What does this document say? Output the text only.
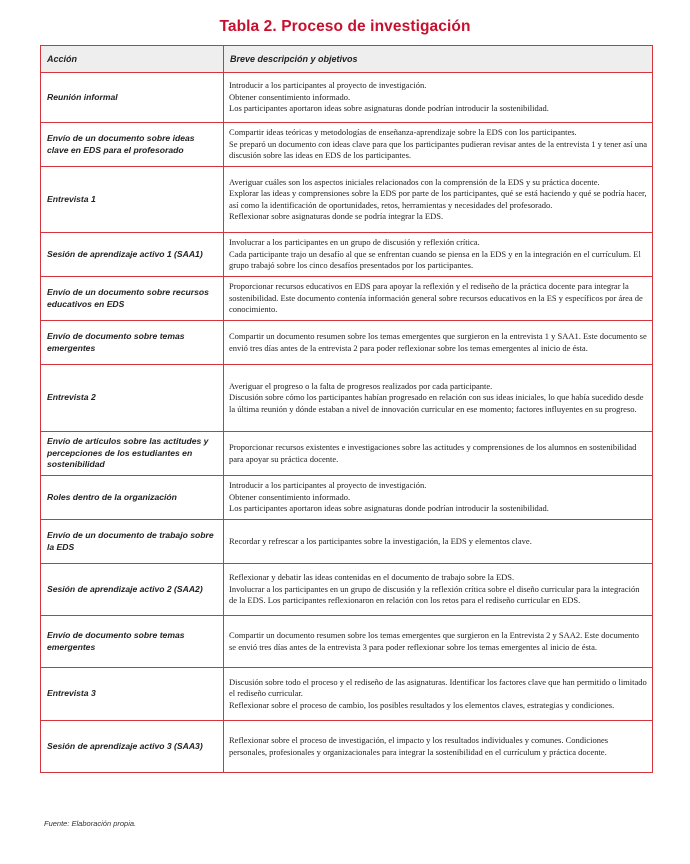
Tabla 2. Proceso de investigación
Acción	Breve descripción y objetivos
Reunión informal	Introducir a los participantes al proyecto de investigación.
Obtener consentimiento informado.
Los participantes aportaron ideas sobre asignaturas donde podrían introducir la sostenibilidad.

Envío de un documento sobre ideas clave en EDS para el profesorado	Compartir ideas teóricas y metodologías de enseñanza-aprendizaje sobre la EDS con los participantes.
Se preparó un documento con ideas clave para que los participantes pudieran revisar antes de la entrevista 1 y tener así una discusión sobre las ideas en EDS de los participantes.

Entrevista 1	Averiguar cuáles son los aspectos iniciales relacionados con la comprensión de la EDS y su práctica docente.
Explorar las ideas y comprensiones sobre la EDS por parte de los participantes, qué se está haciendo y qué se podría hacer, así como la identificación de oportunidades, retos, herramientas y necesidades del profesorado.
Reflexionar sobre asignaturas donde se podría integrar la EDS.

Sesión de aprendizaje activo 1 (SAA1)	Involucrar a los participantes en un grupo de discusión y reflexión crítica.
Cada participante trajo un desafío al que se enfrentan cuando se piensa en la EDS y en la integración en el currículum. El grupo trabajó sobre los cinco desafíos presentados por los participantes.

Envío de un documento sobre recursos educativos en EDS	Proporcionar recursos educativos en EDS para apoyar la reflexión y el rediseño de la práctica docente para integrar la sostenibilidad. Este documento contenía información general sobre recursos educativos en la ES y específicos por área de conocimiento.

Envío de documento sobre temas emergentes	Compartir un documento resumen sobre los temas emergentes que surgieron en la entrevista 1 y SAA1. Este documento se envió tres días antes de la entrevista 2 para poder reflexionar sobre los temas emergentes al inicio de ésta.

Entrevista 2	Averiguar el progreso o la falta de progresos realizados por cada participante.
Discusión sobre cómo los participantes habían progresado en relación con sus ideas iniciales, lo que había sucedido desde la última reunión y dónde estaban a nivel de innovación curricular en ese momento; factores influyentes en su progreso.

Envío de artículos sobre las actitudes y percepciones de los estudiantes en sostenibilidad	Proporcionar recursos existentes e investigaciones sobre las actitudes y comprensiones de los alumnos en sostenibilidad para apoyar su práctica docente.

Roles dentro de la organización	Introducir a los participantes al proyecto de investigación.
Obtener consentimiento informado.
Los participantes aportaron ideas sobre asignaturas donde podrían introducir la sostenibilidad.

Envío de un documento de trabajo sobre la EDS	Recordar y refrescar a los participantes sobre la investigación, la EDS y elementos clave.

Sesión de aprendizaje activo 2 (SAA2)	Reflexionar y debatir las ideas contenidas en el documento de trabajo sobre la EDS.
Involucrar a los participantes en un grupo de discusión y la reflexión crítica sobre el diseño curricular para la integración de la EDS. Los participantes reflexionaron en relación con los retos para el rediseño curricular en EDS.

Envío de documento sobre temas emergentes	Compartir un documento resumen sobre los temas emergentes que surgieron en la Entrevista 2 y SAA2. Este documento se envió tres días antes de la entrevista 3 para poder reflexionar sobre los temas emergentes al inicio de ésta.

Entrevista 3	Discusión sobre todo el proceso y el rediseño de las asignaturas. Identificar los factores clave que han permitido o limitado el rediseño curricular.
Reflexionar sobre el proceso de cambio, los posibles resultados y los elementos claves, estrategias y condiciones.

Sesión de aprendizaje activo 3 (SAA3)	Reflexionar sobre el proceso de investigación, el impacto y los resultados individuales y comunes. Condiciones personales, profesionales y organizacionales para integrar la sostenibilidad en el currículum y práctica docente.
Fuente: Elaboración propia.
